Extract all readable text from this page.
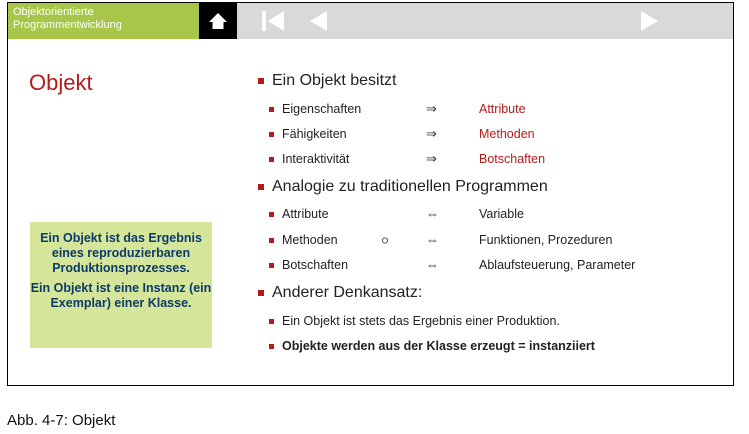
Objektorientierte
Programmentwicklung
Objekt

Ein Objekt ist das Ergebnis eines reproduzierbaren Produktionsprozesses.

Ein Objekt ist eine Instanz (ein Exemplar) einer Klasse.

Ein Objekt besitzt
Eigenschaften	⇒	Attribute
Fähigkeiten	⇒	Methoden
Interaktivität	⇒	Botschaften
Analogie zu traditionellen Programmen
Attribute	⇔	Variable
Methoden	⇔	Funktionen, Prozeduren
Botschaften	⇔	Ablaufsteuerung, Parameter
Anderer Denkansatz:
Ein Objekt ist stets das Ergebnis einer Produktion.
Objekte werden aus der Klasse erzeugt = instanziiert
Abb. 4-7: Objekt
